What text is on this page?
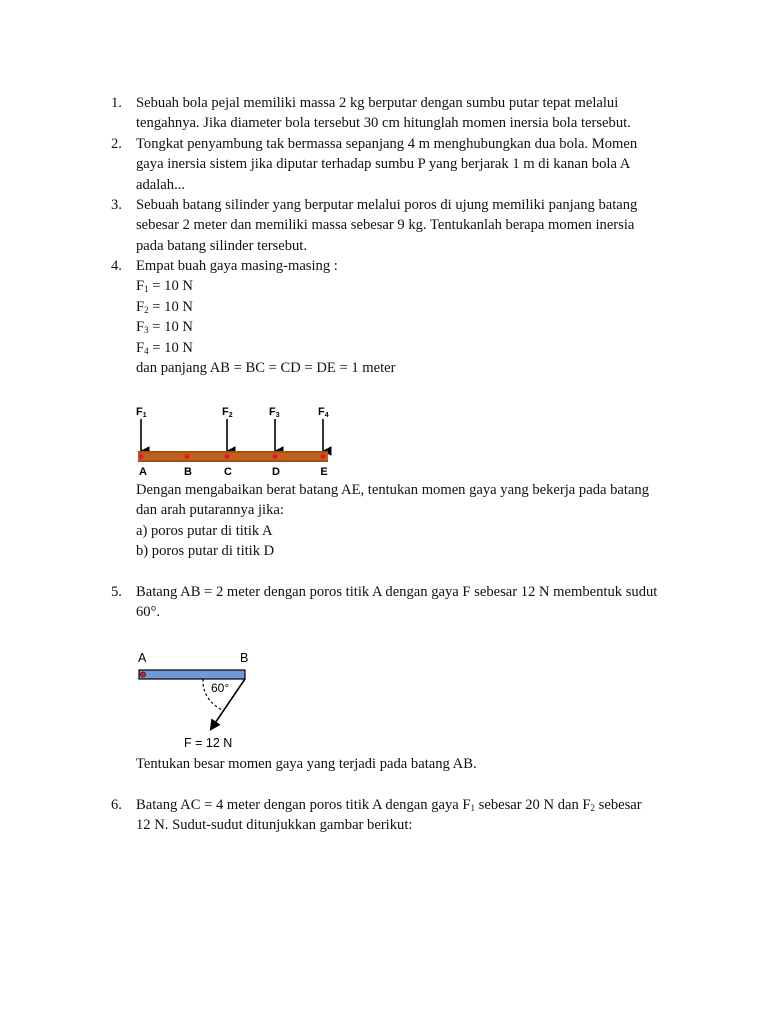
1. Sebuah bola pejal memiliki massa 2 kg berputar dengan sumbu putar tepat melalui
tengahnya. Jika diameter bola tersebut 30 cm hitunglah momen inersia bola tersebut.
2. Tongkat penyambung tak bermassa sepanjang 4 m menghubungkan dua bola. Momen
gaya inersia sistem jika diputar terhadap sumbu P yang berjarak 1 m di kanan bola A
adalah...
3. Sebuah batang silinder yang berputar melalui poros di ujung memiliki panjang batang
sebesar 2 meter dan memiliki massa sebesar 9 kg. Tentukanlah berapa momen inersia
pada batang silinder tersebut.
4. Empat buah gaya masing-masing :
$F_1 = 10$ N
$F_2 = 10$ N
$F_3 = 10$ N
$F_4 = 10$ N
dan panjang AB = BC = CD = DE = 1 meter
F1	F2	F3	F4
A	B	C	D	E
Dengan mengabaikan berat batang AE, tentukan momen gaya yang bekerja pada batang
dan arah putarannya jika:
a) poros putar di titik A
b) poros putar di titik D
5. Batang AB = 2 meter dengan poros titik A dengan gaya F sebesar 12 N membentuk sudut
60°.
A	B
60°
F = 12 N
Tentukan besar momen gaya yang terjadi pada batang AB.
6. Batang AC = 4 meter dengan poros titik A dengan gaya $F_1$ sebesar 20 N dan $F_2$ sebesar
12 N. Sudut-sudut ditunjukkan gambar berikut:
